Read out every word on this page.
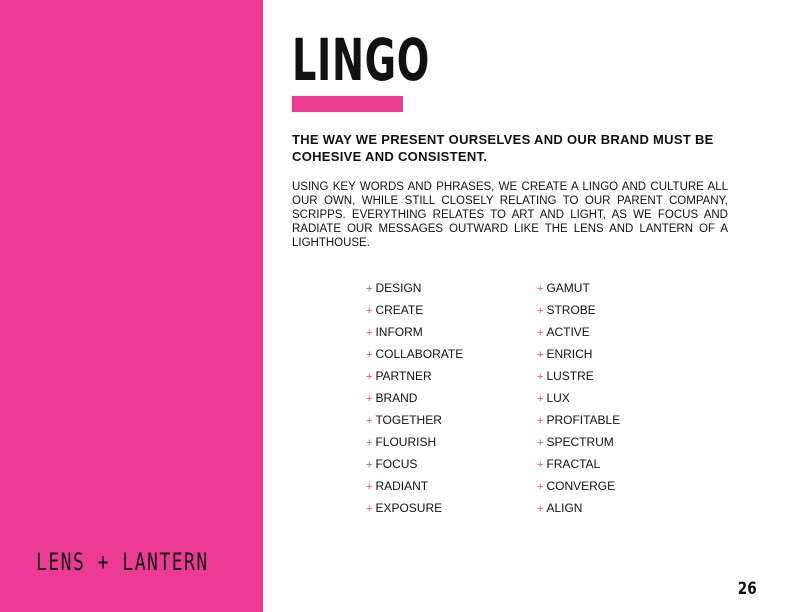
LENS + LANTERN
LINGO

THE WAY WE PRESENT OURSELVES AND OUR BRAND MUST BE COHESIVE AND CONSISTENT.

USING KEY WORDS AND PHRASES, WE CREATE A LINGO AND CULTURE ALL OUR OWN, WHILE STILL CLOSELY RELATING TO OUR PARENT COMPANY, SCRIPPS. EVERYTHING RELATES TO ART AND LIGHT, AS WE FOCUS AND RADIATE OUR MESSAGES OUTWARD LIKE THE LENS AND LANTERN OF A LIGHTHOUSE.

+ DESIGN
+ CREATE
+ INFORM
+ COLLABORATE
+ PARTNER
+ BRAND
+ TOGETHER
+ FLOURISH
+ FOCUS
+ RADIANT
+ EXPOSURE
+ GAMUT
+ STROBE
+ ACTIVE
+ ENRICH
+ LUSTRE
+ LUX
+ PROFITABLE
+ SPECTRUM
+ FRACTAL
+ CONVERGE
+ ALIGN
26
